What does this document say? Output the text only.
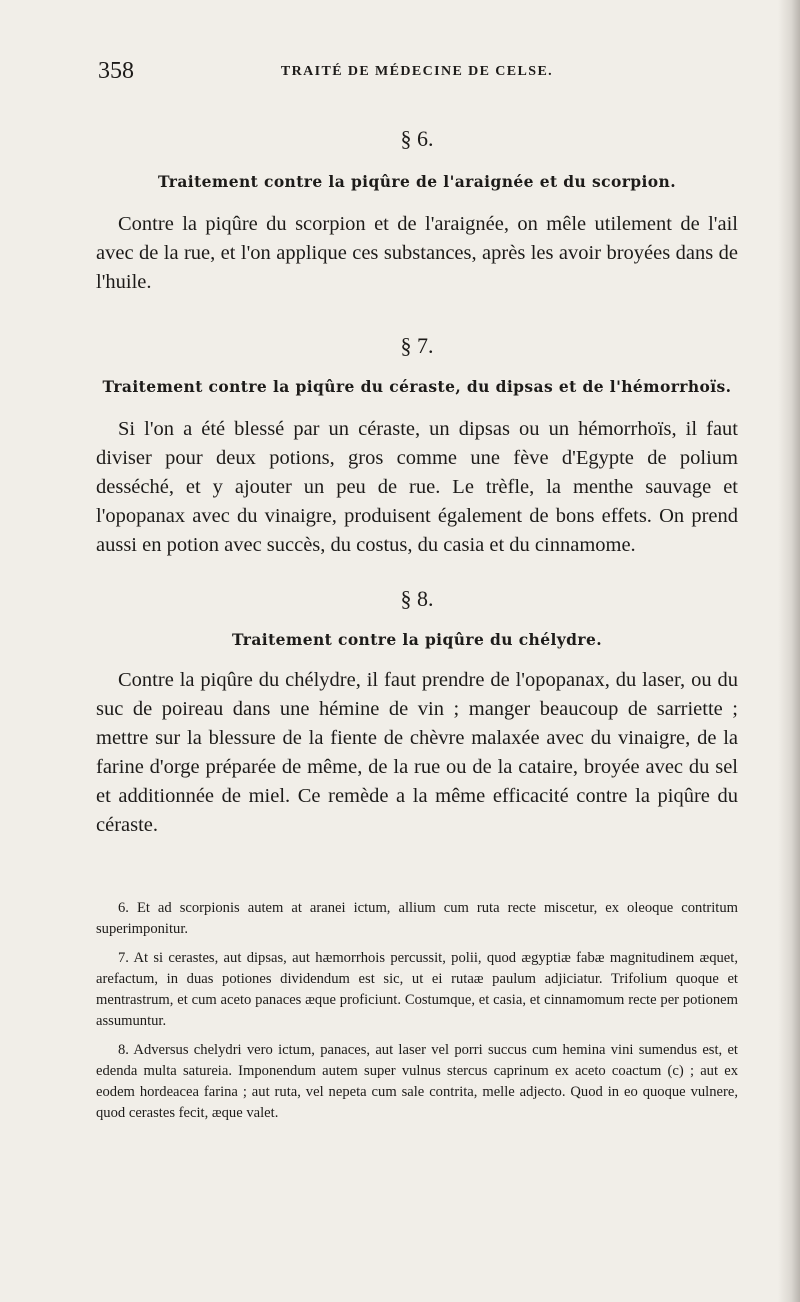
358	TRAITÉ DE MÉDECINE DE CELSE.

§ 6.

Traitement contre la piqûre de l'araignée et du scorpion.

Contre la piqûre du scorpion et de l'araignée, on mêle utilement de l'ail avec de la rue, et l'on applique ces substances, après les avoir broyées dans de l'huile.

§ 7.

Traitement contre la piqûre du céraste, du dipsas et de l'hémorrhoïs.

Si l'on a été blessé par un céraste, un dipsas ou un hémorrhoïs, il faut diviser pour deux potions, gros comme une fève d'Egypte de polium desséché, et y ajouter un peu de rue. Le trèfle, la menthe sauvage et l'opopanax avec du vinaigre, produisent également de bons effets. On prend aussi en potion avec succès, du costus, du casia et du cinnamome.

§ 8.

Traitement contre la piqûre du chélydre.

Contre la piqûre du chélydre, il faut prendre de l'opopanax, du laser, ou du suc de poireau dans une hémine de vin ; manger beaucoup de sarriette ; mettre sur la blessure de la fiente de chèvre malaxée avec du vinaigre, de la farine d'orge préparée de même, de la rue ou de la cataire, broyée avec du sel et additionnée de miel. Ce remède a la même efficacité contre la piqûre du céraste.

6. Et ad scorpionis autem at aranei ictum, allium cum ruta recte miscetur, ex oleoque contritum superimponitur.

7. At si cerastes, aut dipsas, aut hæmorrhois percussit, polii, quod ægyptiæ fabæ magnitudinem æquet, arefactum, in duas potiones dividendum est sic, ut ei rutaæ paulum adjiciatur. Trifolium quoque et mentrastrum, et cum aceto panaces æque proficiunt. Costumque, et casia, et cinnamomum recte per potionem assumuntur.

8. Adversus chelydri vero ictum, panaces, aut laser vel porri succus cum hemina vini sumendus est, et edenda multa satureia. Imponendum autem super vulnus stercus caprinum ex aceto coactum (c) ; aut ex eodem hordeacea farina ; aut ruta, vel nepeta cum sale contrita, melle adjecto. Quod in eo quoque vulnere, quod cerastes fecit, æque valet.
